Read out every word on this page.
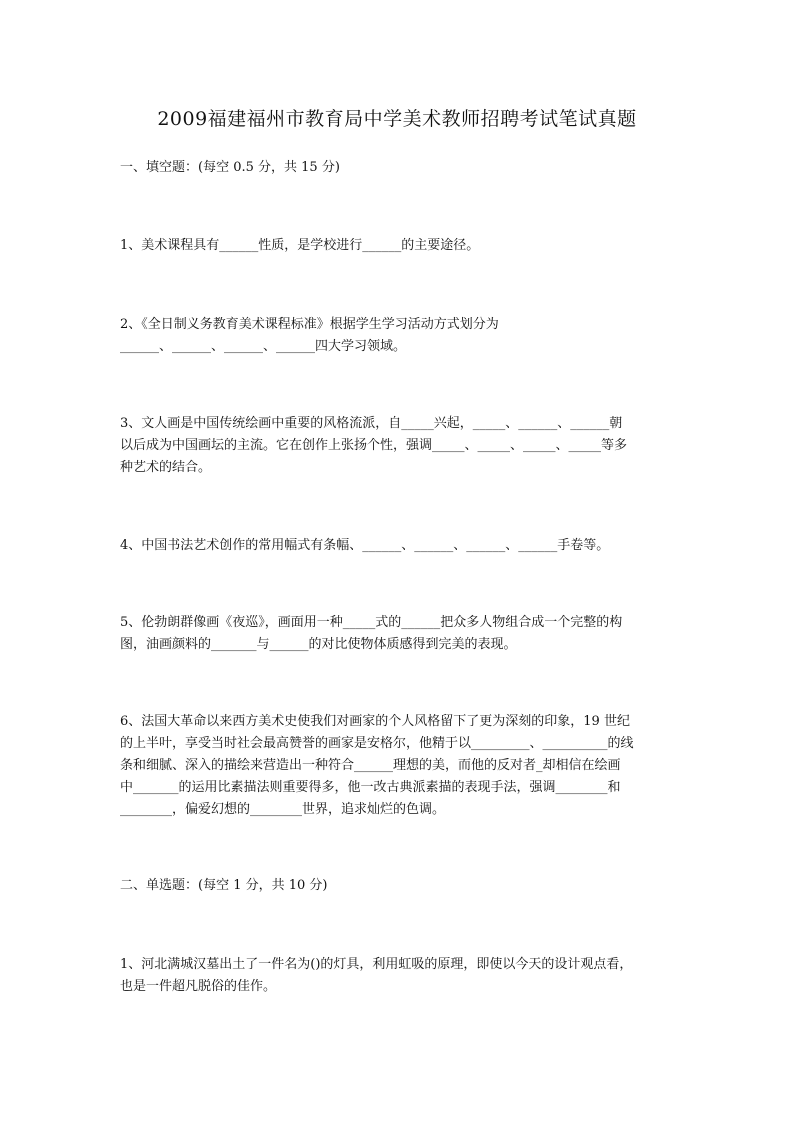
2009福建福州市教育局中学美术教师招聘考试笔试真题
一、填空题：(每空 0.5 分，共 15 分)
1、美术课程具有______性质，是学校进行______的主要途径。
2、《全日制义务教育美术课程标准》根据学生学习活动方式划分为
______、______、______、______四大学习领域。
3、文人画是中国传统绘画中重要的风格流派，自_____兴起，_____、______、______朝
以后成为中国画坛的主流。它在创作上张扬个性，强调_____、_____、_____、_____等多
种艺术的结合。
4、中国书法艺术创作的常用幅式有条幅、______、______、______、______手卷等。
5、伦勃朗群像画《夜巡》，画面用一种_____式的______把众多人物组合成一个完整的构
图，油画颜料的_______与______的对比使物体质感得到完美的表现。
6、法国大革命以来西方美术史使我们对画家的个人风格留下了更为深刻的印象，19 世纪
的上半叶，享受当时社会最高赞誉的画家是安格尔，他精于以_________、__________的线
条和细腻、深入的描绘来营造出一种符合______理想的美，而他的反对者_却相信在绘画
中_______的运用比素描法则重要得多，他一改古典派素描的表现手法，强调________和
________，偏爱幻想的________世界，追求灿烂的色调。
二、单选题：(每空 1 分，共 10 分)
1、河北满城汉墓出土了一件名为()的灯具，利用虹吸的原理，即使以今天的设计观点看，
也是一件超凡脱俗的佳作。
